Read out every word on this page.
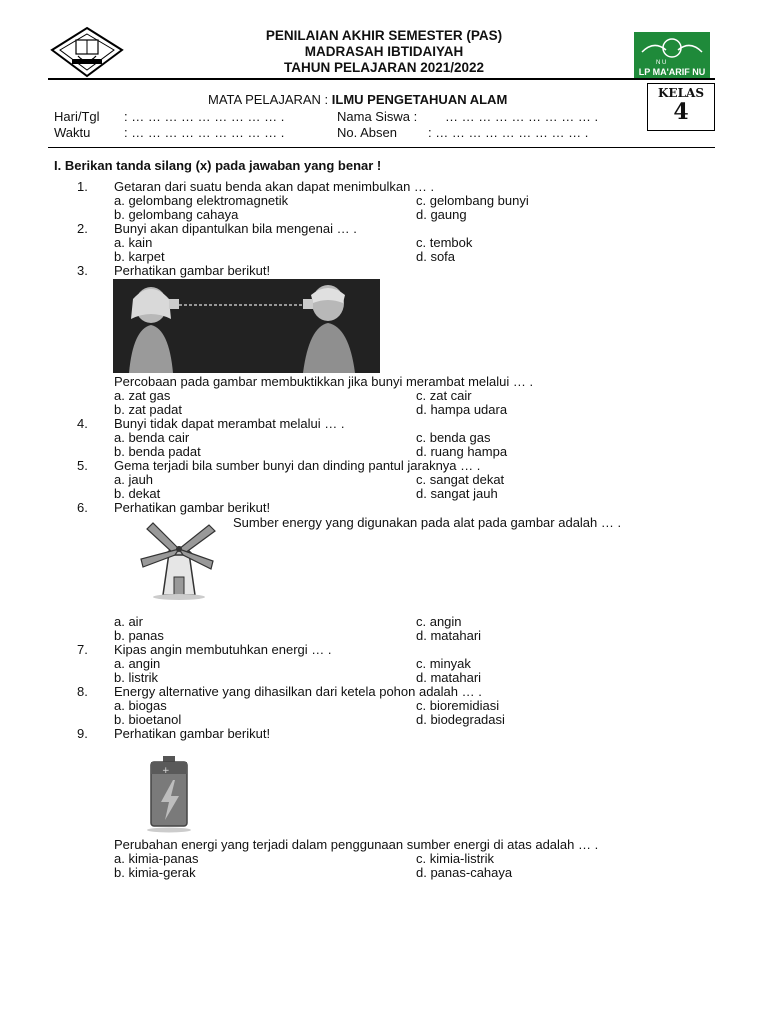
N U
LP MA'ARIF NU
PENILAIAN AKHIR SEMESTER (PAS)
MADRASAH IBTIDAIYAH
TAHUN PELAJARAN 2021/2022
MATA PELAJARAN : ILMU PENGETAHUAN ALAM	KELAS
4
Hari/Tgl : … … … … … … … … … .	Nama Siswa : … … … … … … … … … .
Waktu	: … … … … … … … … … .	No. Absen : … … … … … … … … … .
I. Berikan tanda silang (x) pada jawaban yang benar !
1. Getaran dari suatu benda akan dapat menimbulkan … .
a. gelombang elektromagnetik	c. gelombang bunyi
b. gelombang cahaya	d. gaung
2. Bunyi akan dipantulkan bila mengenai … .
a. kain	c. tembok
b. karpet	d. sofa
3. Perhatikan gambar berikut!
Percobaan pada gambar membuktikkan jika bunyi merambat melalui … .
a. zat gas	c. zat cair
b. zat padat	d. hampa udara
4. Bunyi tidak dapat merambat melalui … .
a. benda cair	c. benda gas
b. benda padat	d. ruang hampa
5. Gema terjadi bila sumber bunyi dan dinding pantul jaraknya … .
a. jauh	c. sangat dekat
b. dekat	d. sangat jauh
6. Perhatikan gambar berikut!
Sumber energy yang digunakan pada alat pada gambar adalah … .
a. air	c. angin
b. panas	d. matahari
7. Kipas angin membutuhkan energi … .
a. angin	c. minyak
b. listrik	d. matahari
8. Energy alternative yang dihasilkan dari ketela pohon adalah … .
a. biogas	c. bioremidiasi
b. bioetanol	d. biodegradasi
9. Perhatikan gambar berikut!
+
Perubahan energi yang terjadi dalam penggunaan sumber energi di atas adalah … .
a. kimia-panas	c. kimia-listrik
b. kimia-gerak	d. panas-cahaya
